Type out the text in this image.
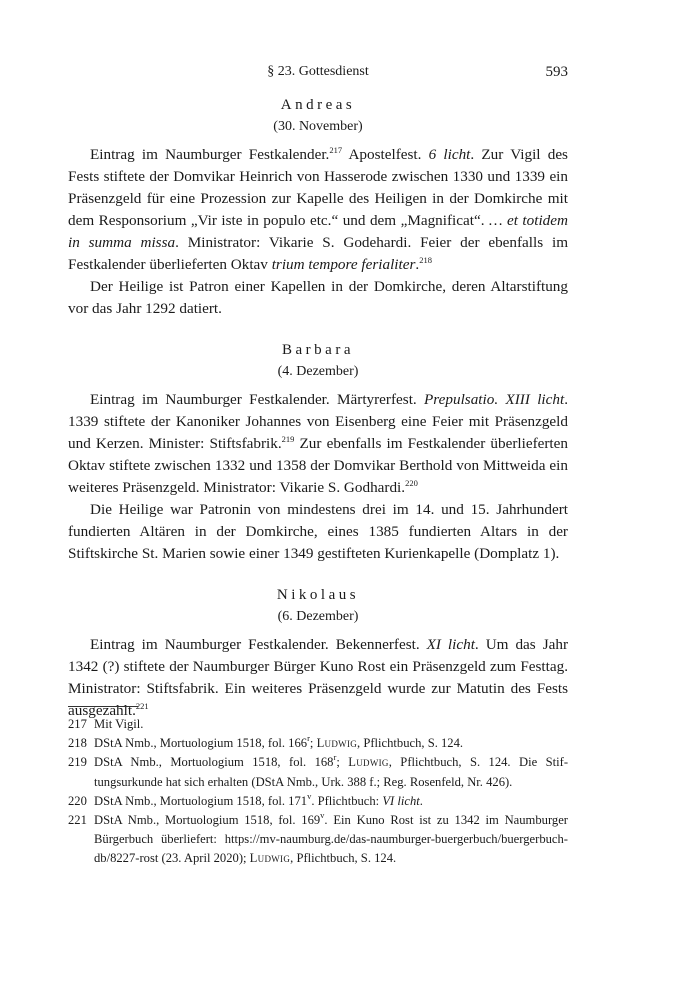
§ 23. Gottesdienst	593

Andreas

(30. November)

Eintrag im Naumburger Festkalender.$^{217}$ Apostelfest. 6 licht. Zur Vigil des Fests stiftete der Domvikar Heinrich von Hasserode zwischen 1330 und 1339 ein Präsenzgeld für eine Prozession zur Kapelle des Heiligen in der Domkirche mit dem Responsorium „Vir iste in populo etc.“ und dem „Magnificat“. … et totidem in summa missa. Ministrator: Vikarie S. Godehardi. Feier der ebenfalls im Festkalender überlieferten Oktav trium tempore ferialiter.$^{218}$

Der Heilige ist Patron einer Kapellen in der Domkirche, deren Altarstiftung vor das Jahr 1292 datiert.

Barbara

(4. Dezember)

Eintrag im Naumburger Festkalender. Märtyrerfest. Prepulsatio. XIII licht. 1339 stiftete der Kanoniker Johannes von Eisenberg eine Feier mit Präsenzgeld und Kerzen. Minister: Stiftsfabrik.$^{219}$ Zur ebenfalls im Festkalender überlieferten Oktav stiftete zwischen 1332 und 1358 der Domvikar Berthold von Mittweida ein weiteres Präsenzgeld. Ministrator: Vikarie S. Godhardi.$^{220}$

Die Heilige war Patronin von mindestens drei im 14. und 15. Jahrhundert fundierten Altären in der Domkirche, eines 1385 fundierten Altars in der Stiftskirche St. Marien sowie einer 1349 gestifteten Kurienkapelle (Domplatz 1).

Nikolaus

(6. Dezember)

Eintrag im Naumburger Festkalender. Bekennerfest. XI licht. Um das Jahr 1342 (?) stiftete der Naumburger Bürger Kuno Rost ein Präsenzgeld zum Festtag. Ministrator: Stiftsfabrik. Ein weiteres Präsenzgeld wurde zur Matutin des Fests ausgezahlt.$^{221}$

217 Mit Vigil.

218 DStA Nmb., Mortuologium 1518, fol. 166$^r$; Ludwig, Pflichtbuch, S. 124.

219 DStA Nmb., Mortuologium 1518, fol. 168$^r$; Ludwig, Pflichtbuch, S. 124. Die Stiftungsurkunde hat sich erhalten (DStA Nmb., Urk. 388 f.; Reg. Rosenfeld, Nr. 426).

220 DStA Nmb., Mortuologium 1518, fol. 171$^v$. Pflichtbuch: VI licht.

221 DStA Nmb., Mortuologium 1518, fol. 169$^v$. Ein Kuno Rost ist zu 1342 im Naumburger Bürgerbuch überliefert: https://mv-naumburg.de/das-naumburger-buergerbuch/buergerbuch-db/8227-rost (23. April 2020); Ludwig, Pflichtbuch, S. 124.
